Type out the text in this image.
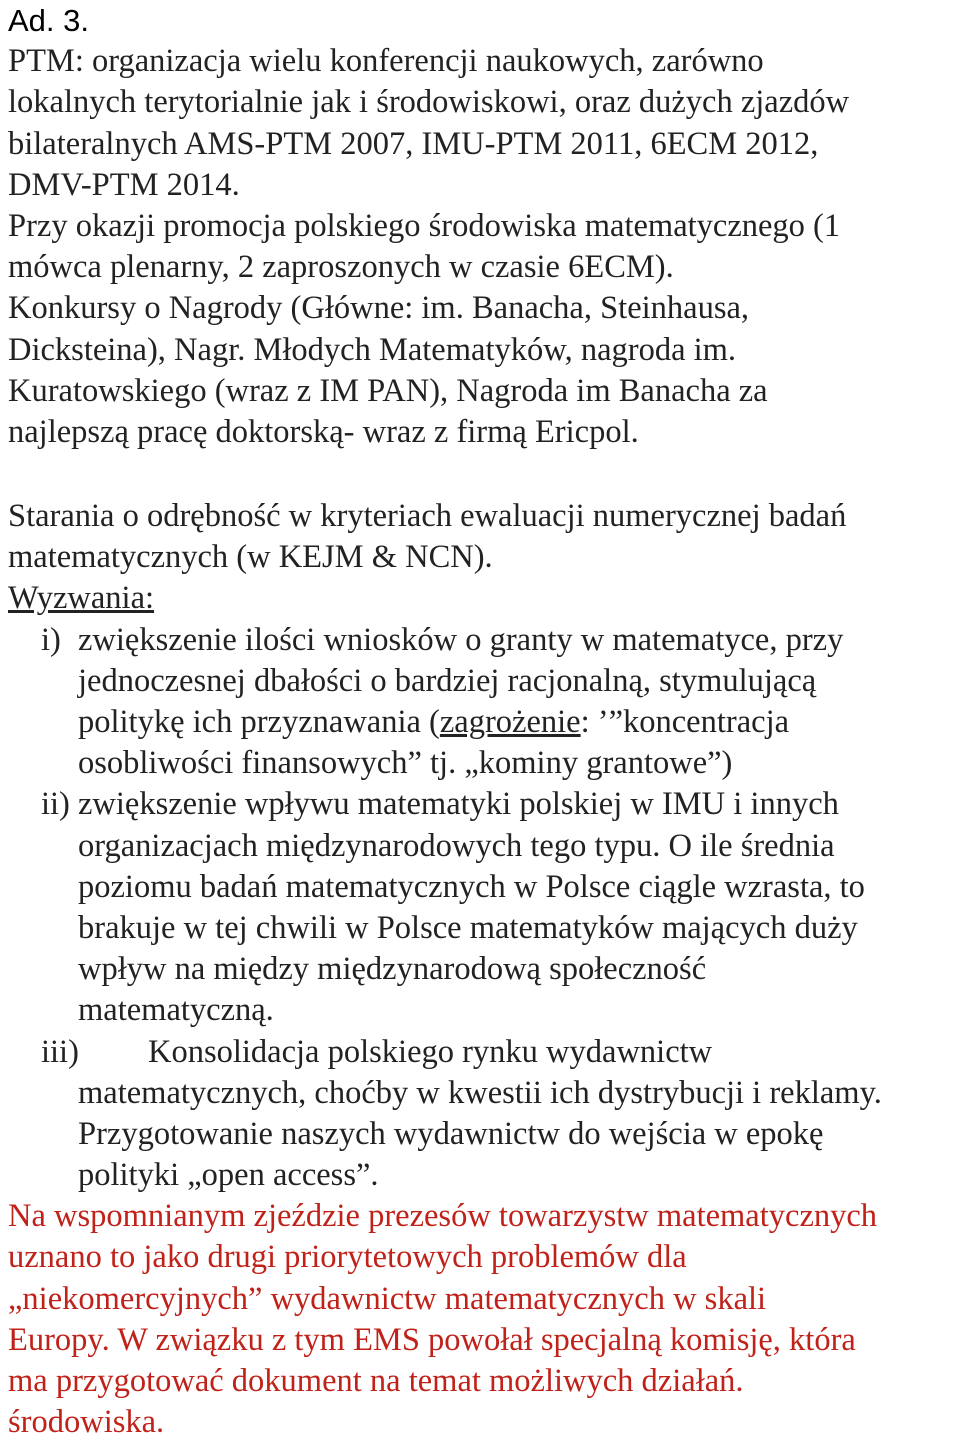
Ad. 3.
PTM: organizacja wielu konferencji naukowych, zarówno
lokalnych terytorialnie jak i środowiskowi, oraz dużych zjazdów
bilateralnych AMS-PTM 2007, IMU-PTM 2011, 6ECM 2012,
DMV-PTM 2014.
Przy okazji promocja polskiego środowiska matematycznego (1
mówca plenarny, 2 zaproszonych w czasie 6ECM).
Konkursy o Nagrody (Główne: im. Banacha, Steinhausa,
Dicksteina), Nagr. Młodych Matematyków, nagroda im.
Kuratowskiego (wraz z IM PAN), Nagroda im Banacha za
najlepszą pracę doktorską- wraz z firmą Ericpol.
Starania o odrębność w kryteriach ewaluacji numerycznej badań
matematycznych (w KEJM & NCN).
Wyzwania:
i) zwiększenie ilości wniosków o granty w matematyce, przy
jednoczesnej dbałości o bardziej racjonalną, stymulującą
politykę ich przyznawania (zagrożenie: ’”koncentracja
osobliwości finansowych” tj. „kominy grantowe”)
ii) zwiększenie wpływu matematyki polskiej w IMU i innych
organizacjach międzynarodowych tego typu. O ile średnia
poziomu badań matematycznych w Polsce ciągle wzrasta, to
brakuje w tej chwili w Polsce matematyków mających duży
wpływ na między międzynarodową społeczność
matematyczną.
iii) Konsolidacja polskiego rynku wydawnictw
matematycznych, choćby w kwestii ich dystrybucji i reklamy.
Przygotowanie naszych wydawnictw do wejścia w epokę
polityki „open access”.
Na wspomnianym zjeździe prezesów towarzystw matematycznych
uznano to jako drugi priorytetowych problemów dla
„niekomercyjnych” wydawnictw matematycznych w skali
Europy. W związku z tym EMS powołał specjalną komisję, która
ma przygotować dokument na temat możliwych działań.
środowiska.
